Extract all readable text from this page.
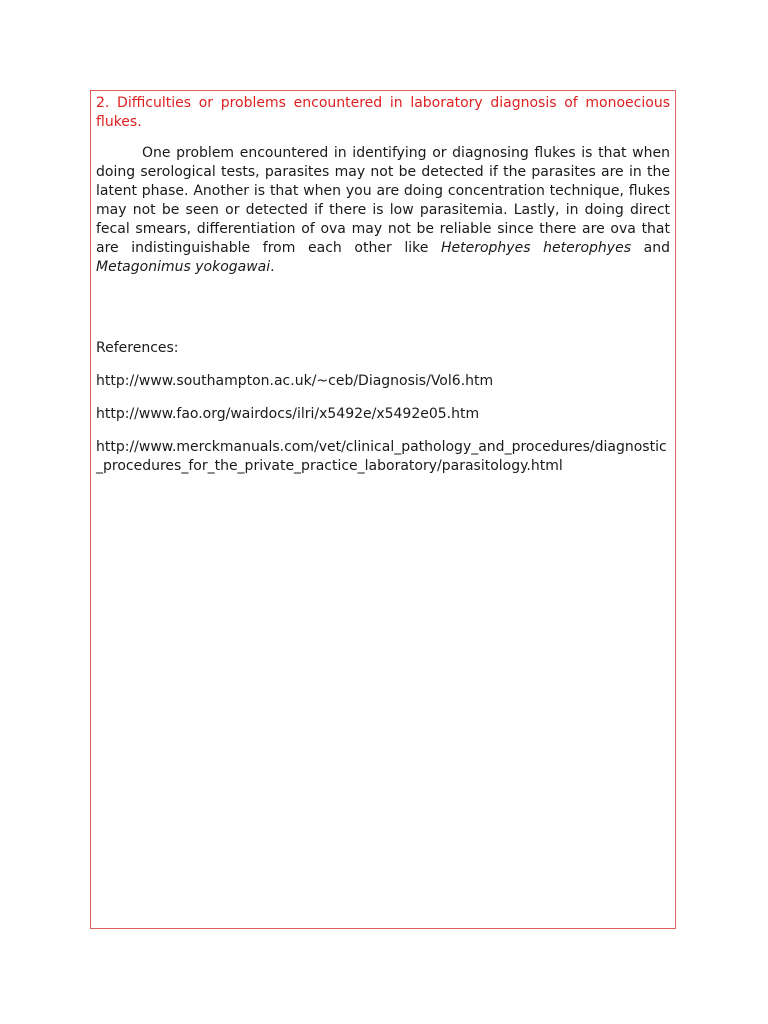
2. Difficulties or problems encountered in laboratory diagnosis of monoecious flukes.

One problem encountered in identifying or diagnosing flukes is that when doing serological tests, parasites may not be detected if the parasites are in the latent phase. Another is that when you are doing concentration technique, flukes may not be seen or detected if there is low parasitemia. Lastly, in doing direct fecal smears, differentiation of ova may not be reliable since there are ova that are indistinguishable from each other like Heterophyes heterophyes and Metagonimus yokogawai.

References:

http://www.southampton.ac.uk/~ceb/Diagnosis/Vol6.htm

http://www.fao.org/wairdocs/ilri/x5492e/x5492e05.htm

http://www.merckmanuals.com/vet/clinical_pathology_and_procedures/diagnostic_procedures_for_the_private_practice_laboratory/parasitology.html
